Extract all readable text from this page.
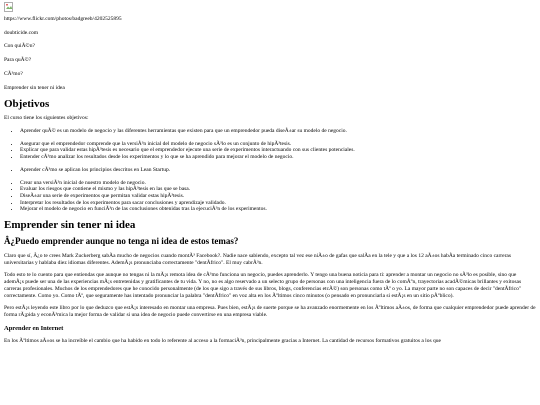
https://www.flickr.com/photos/badgreeb/4202525895
doubticide.com
Con quiÃ©n?
Para quÃ©?
CÃ³mo?
Emprender sin tener ni idea
Objetivos

El curso tiene los siguientes objetivos:

• Aprender quÃ© es un modelo de negocio y las diferentes herramientas que existen para que un emprendedor pueda diseÃ±ar su modelo de negocio.
• Asegurar que el emprendedor comprende que la versiÃ³n inicial del modelo de negocio sÃ³lo es un conjunto de hipÃ³tesis.
• Explicar que para validar estas hipÃ³tesis es necesario que el emprendedor ejecute una serie de experimentos interactuando con sus clientes potenciales.
• Entender cÃ³mo analizar los resultados desde los experimentos y lo que se ha aprendido para mejorar el modelo de negocio.
• Aprender cÃ³mo se aplican los principios descritos en Lean Startup.
• Crear una versiÃ³n inicial de nuestro modelo de negocio.
• Evaluar los riesgos que contiene el mismo y las hipÃ³tesis en las que se basa.
• DiseÃ±ar una serie de experimentos que permitan validar estas hipÃ³tesis.
• Interpretar los resultados de los experimentos para sacar conclusiones y aprendizaje validado.
• Mejorar el modelo de negocio en funciÃ³n de las conclusiones obtenidas tras la ejecuciÃ³n de los experimentos.
Emprender sin tener ni idea
Â¿Puedo emprender aunque no tenga ni idea de estos temas?

Claro que sí, Â¿o te crees Mark Zuckerberg sabÃa mucho de negocios cuando montÃ³ Facebook?. Nadie nace sabiendo, excepto tal vez ese niÃ±o de gafas que salÃa en la tele y que a los 12 aÃ±os habÃa terminado cinco carreras universitarias y hablaba diez idiomas diferentes. AdemÃ¡s pronunciaba correctamente "dentÃfrico". El muy cabrÃ³n.

Todo esto te lo cuento para que entiendas que aunque no tengas ni la mÃ¡s remota idea de cÃ³mo funciona un negocio, puedes aprenderlo. Y tengo una buena noticia para ti: aprender a montar un negocio no sÃ³lo es posible, sino que ademÃ¡s puede ser una de las experiencias mÃ¡s entretenidas y gratificantes de tu vida. Y no, no es algo reservado a un selecto grupo de personas con una inteligencia fuera de lo comÃºn, trayectorias acadÃ©micas brillantes y exitosas carreras profesionales. Muchos de los emprendedores que he conocido personalmente (de los que sigo a través de sus libros, blogs, conferencias etcÃ©) son personas como tÃº o yo. La mayor parte no son capaces de decir "dentÃfrico" correctamente. Como yo. Como tÃº, que seguramente has intentado pronunciar la palabra "dentÃfrico" en voz alta en los Ãºltimos cinco minutos (o pensado en pronunciarla si estÃ¡s en un sitio pÃºblico).

Pero estÃ¡s leyendo este libro por lo que deduzco que estÃ¡s interesado en montar una empresa. Pues bien, estÃ¡s de suerte porque se ha avanzado enormemente en los Ãºltimos aÃ±os, de forma que cualquier emprendedor puede aprender de forma rÃ¡pida y econÃ³mica la mejor forma de validar si una idea de negocio puede convertirse en una empresa viable.

Aprender en Internet

En los Ãºltimos aÃ±os se ha increíble el cambio que ha habido en todo lo referente al acceso a la formaciÃ³n, principalmente gracias a Internet. La cantidad de recursos formativos gratuitos a los que
